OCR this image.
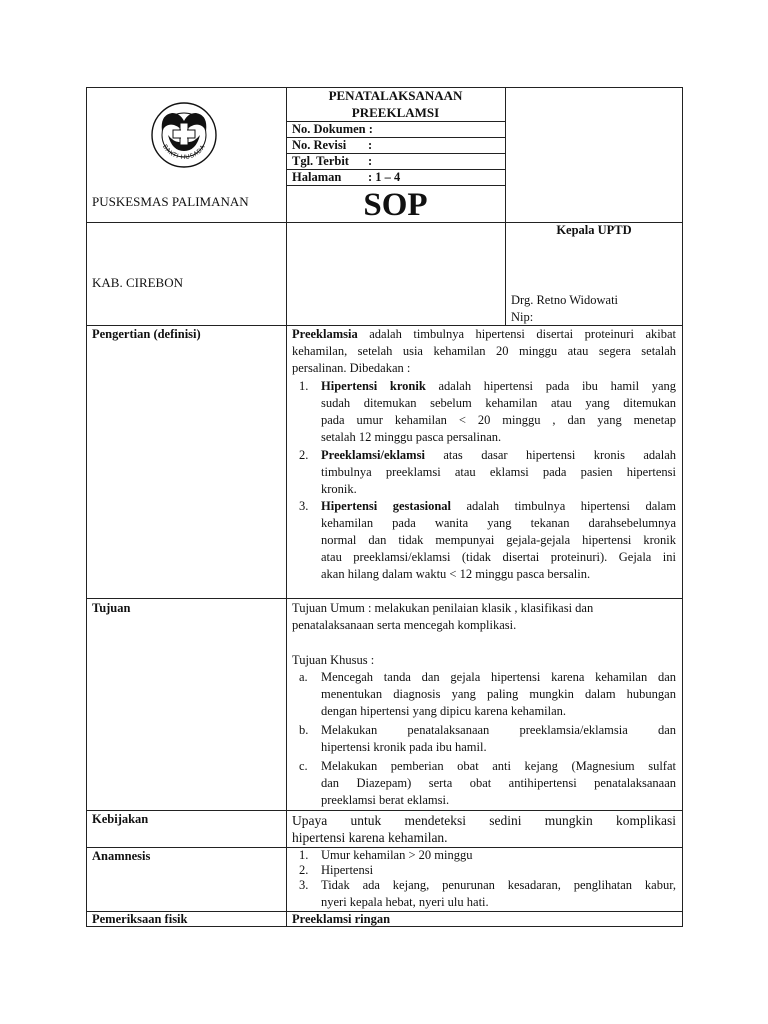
BAKTI HUSADA
PUSKESMAS PALIMANAN
PENATALAKSANAAN
PREEKLAMSI
No. Dokumen :
No. Revisi :
Tgl. Terbit :
Halaman : 1 – 4
SOP
KAB. CIREBON
Kepala UPTD
Drg. Retno Widowati
Nip:
Pengertian (definisi)	Preeklamsia adalah timbulnya hipertensi disertai proteinuri akibat
kehamilan, setelah usia kehamilan 20 minggu atau segera setalah
persalinan. Dibedakan :
1. Hipertensi kronik adalah hipertensi pada ibu hamil yang
sudah ditemukan sebelum kehamilan atau yang ditemukan
pada umur kehamilan < 20 minggu , dan yang menetap
setalah 12 minggu pasca persalinan.
2. Preeklamsi/eklamsi atas dasar hipertensi kronis adalah
timbulnya preeklamsi atau eklamsi pada pasien hipertensi
kronik.
3. Hipertensi gestasional adalah timbulnya hipertensi dalam
kehamilan pada wanita yang tekanan darahsebelumnya
normal dan tidak mempunyai gejala-gejala hipertensi kronik
atau preeklamsi/eklamsi (tidak disertai proteinuri). Gejala ini
akan hilang dalam waktu < 12 minggu pasca bersalin.
Tujuan	Tujuan Umum : melakukan penilaian klasik , klasifikasi dan
penatalaksanaan serta mencegah komplikasi.
Tujuan Khusus :
a. Mencegah tanda dan gejala hipertensi karena kehamilan dan
menentukan diagnosis yang paling mungkin dalam hubungan
dengan hipertensi yang dipicu karena kehamilan.
b. Melakukan penatalaksanaan preeklamsia/eklamsia dan
hipertensi kronik pada ibu hamil.
c. Melakukan pemberian obat anti kejang (Magnesium sulfat
dan Diazepam) serta obat antihipertensi penatalaksanaan
preeklamsi berat eklamsi.
Kebijakan	Upaya untuk mendeteksi sedini mungkin komplikasi
hipertensi karena kehamilan.
Anamnesis	1. Umur kehamilan > 20 minggu
2. Hipertensi
3. Tidak ada kejang, penurunan kesadaran, penglihatan kabur,
nyeri kepala hebat, nyeri ulu hati.
Pemeriksaan fisik	Preeklamsi ringan
